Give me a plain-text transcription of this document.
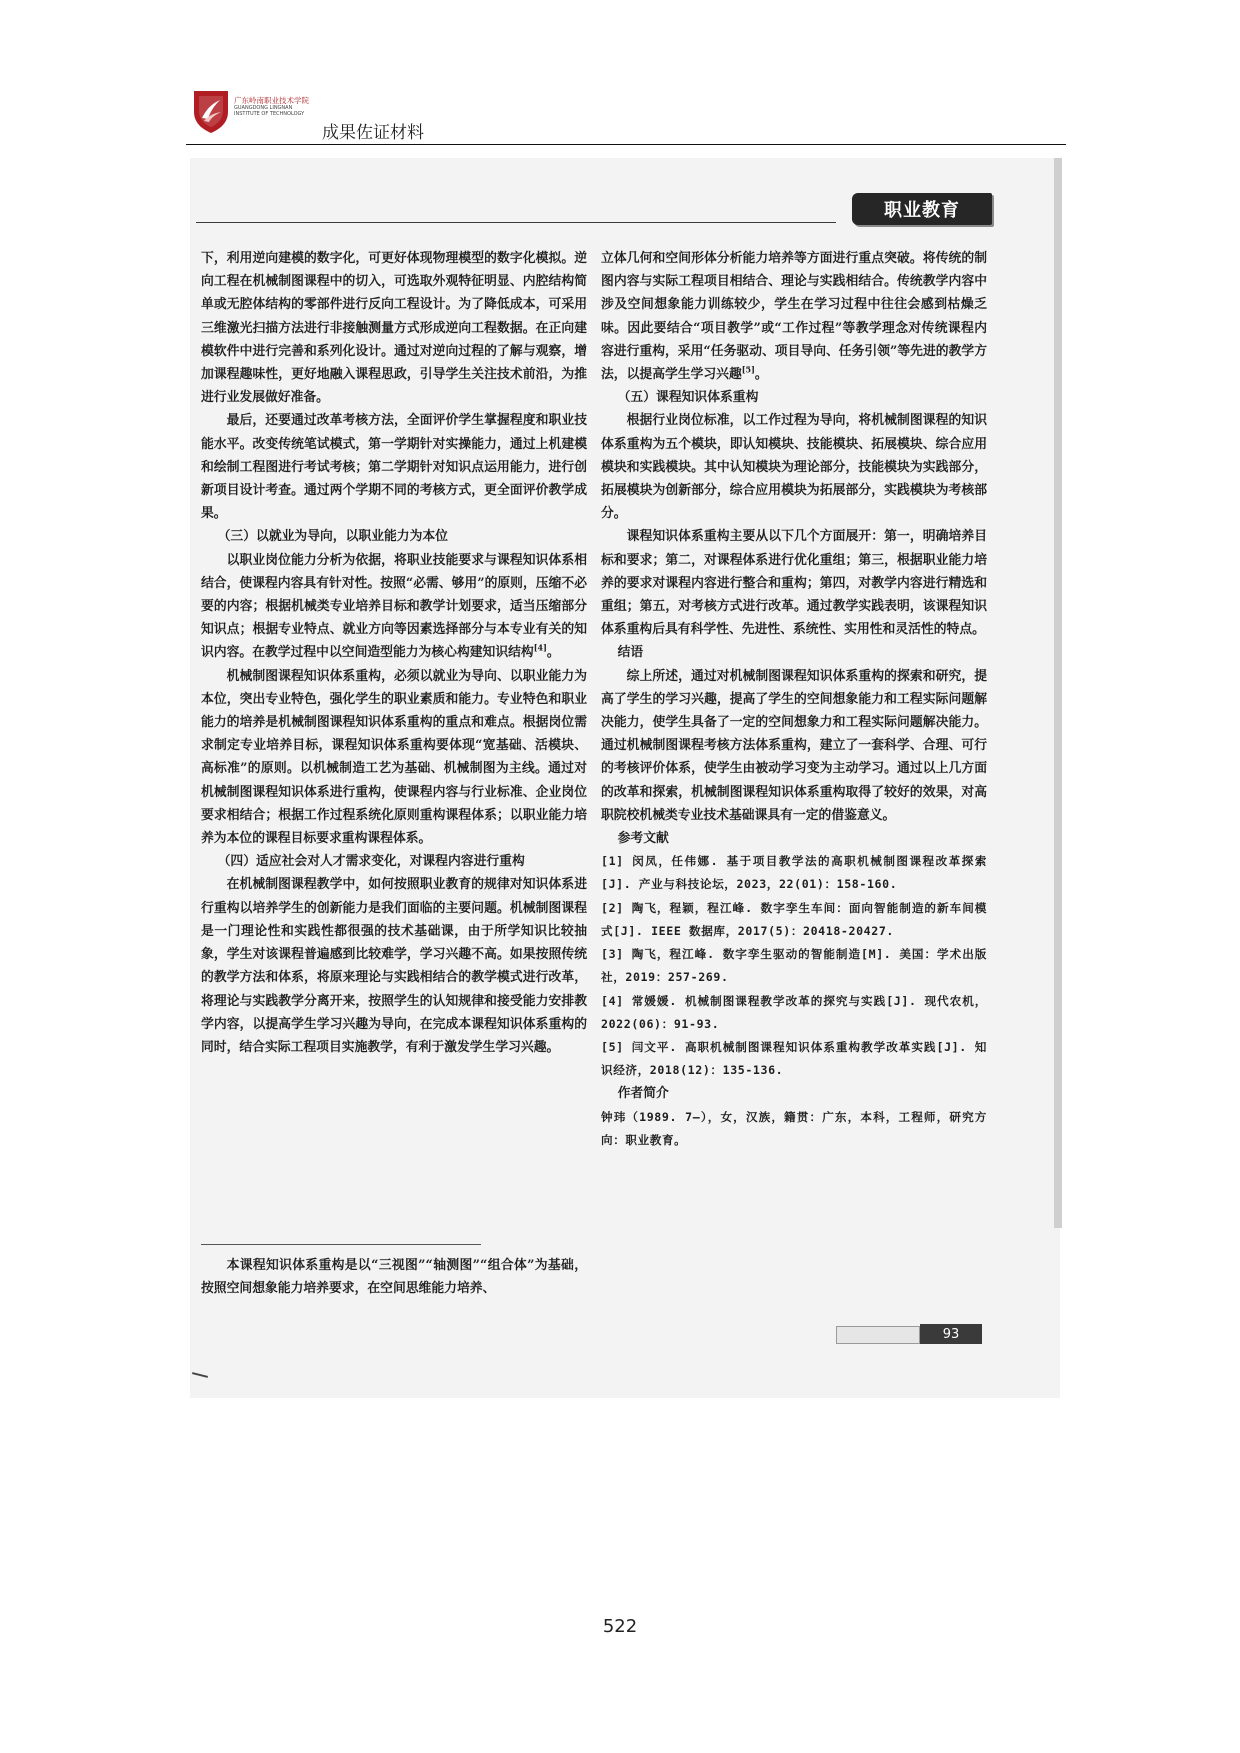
广东岭南职业技术学院
GUANGDONG LINGNAN
INSTITUTE OF TECHNOLOGY
成果佐证材料
职业教育

下，利用逆向建模的数字化，可更好体现物理模型的数字化模拟。逆向工程在机械制图课程中的切入，可选取外观特征明显、内腔结构简单或无腔体结构的零部件进行反向工程设计。为了降低成本，可采用三维激光扫描方法进行非接触测量方式形成逆向工程数据。在正向建模软件中进行完善和系列化设计。通过对逆向过程的了解与观察，增加课程趣味性，更好地融入课程思政，引导学生关注技术前沿，为推进行业发展做好准备。

最后，还要通过改革考核方法，全面评价学生掌握程度和职业技能水平。改变传统笔试模式，第一学期针对实操能力，通过上机建模和绘制工程图进行考试考核；第二学期针对知识点运用能力，进行创新项目设计考查。通过两个学期不同的考核方式，更全面评价教学成果。

（三）以就业为导向，以职业能力为本位

以职业岗位能力分析为依据，将职业技能要求与课程知识体系相结合，使课程内容具有针对性。按照“必需、够用”的原则，压缩不必要的内容；根据机械类专业培养目标和教学计划要求，适当压缩部分知识点；根据专业特点、就业方向等因素选择部分与本专业有关的知识内容。在教学过程中以空间造型能力为核心构建知识结构[4]。

机械制图课程知识体系重构，必须以就业为导向、以职业能力为本位，突出专业特色，强化学生的职业素质和能力。专业特色和职业能力的培养是机械制图课程知识体系重构的重点和难点。根据岗位需求制定专业培养目标，课程知识体系重构要体现“宽基础、活模块、高标准”的原则。以机械制造工艺为基础、机械制图为主线。通过对机械制图课程知识体系进行重构，使课程内容与行业标准、企业岗位要求相结合；根据工作过程系统化原则重构课程体系；以职业能力培养为本位的课程目标要求重构课程体系。

（四）适应社会对人才需求变化，对课程内容进行重构

在机械制图课程教学中，如何按照职业教育的规律对知识体系进行重构以培养学生的创新能力是我们面临的主要问题。机械制图课程是一门理论性和实践性都很强的技术基础课，由于所学知识比较抽象，学生对该课程普遍感到比较难学，学习兴趣不高。如果按照传统的教学方法和体系，将原来理论与实践相结合的教学模式进行改革，将理论与实践教学分离开来，按照学生的认知规律和接受能力安排教学内容，以提高学生学习兴趣为导向，在完成本课程知识体系重构的同时，结合实际工程项目实施教学，有利于激发学生学习兴趣。

本课程知识体系重构是以“三视图”“轴测图”“组合体”为基础，按照空间想象能力培养要求，在空间思维能力培养、

立体几何和空间形体分析能力培养等方面进行重点突破。将传统的制图内容与实际工程项目相结合、理论与实践相结合。传统教学内容中涉及空间想象能力训练较少，学生在学习过程中往往会感到枯燥乏味。因此要结合“项目教学”或“工作过程”等教学理念对传统课程内容进行重构，采用“任务驱动、项目导向、任务引领”等先进的教学方法，以提高学生学习兴趣[5]。

（五）课程知识体系重构

根据行业岗位标准，以工作过程为导向，将机械制图课程的知识体系重构为五个模块，即认知模块、技能模块、拓展模块、综合应用模块和实践模块。其中认知模块为理论部分，技能模块为实践部分，拓展模块为创新部分，综合应用模块为拓展部分，实践模块为考核部分。

课程知识体系重构主要从以下几个方面展开：第一，明确培养目标和要求；第二，对课程体系进行优化重组；第三，根据职业能力培养的要求对课程内容进行整合和重构；第四，对教学内容进行精选和重组；第五，对考核方式进行改革。通过教学实践表明，该课程知识体系重构后具有科学性、先进性、系统性、实用性和灵活性的特点。

结语

综上所述，通过对机械制图课程知识体系重构的探索和研究，提高了学生的学习兴趣，提高了学生的空间想象能力和工程实际问题解决能力，使学生具备了一定的空间想象力和工程实际问题解决能力。通过机械制图课程考核方法体系重构，建立了一套科学、合理、可行的考核评价体系，使学生由被动学习变为主动学习。通过以上几方面的改革和探索，机械制图课程知识体系重构取得了较好的效果，对高职院校机械类专业技术基础课具有一定的借鉴意义。

参考文献

[1] 闵凤，任伟娜. 基于项目教学法的高职机械制图课程改革探索[J]. 产业与科技论坛，2023，22(01)：158-160.

[2] 陶飞，程颖，程江峰. 数字孪生车间：面向智能制造的新车间模式[J]. IEEE 数据库，2017(5)：20418-20427.

[3] 陶飞，程江峰. 数字孪生驱动的智能制造[M]. 美国：学术出版社，2019：257-269.

[4] 常媛媛. 机械制图课程教学改革的探究与实践[J]. 现代农机，2022(06)：91-93.

[5] 闫文平. 高职机械制图课程知识体系重构教学改革实践[J]. 知识经济，2018(12)：135-136.

作者简介

钟玮（1989. 7—），女，汉族，籍贯：广东，本科，工程师，研究方向：职业教育。

93
522
